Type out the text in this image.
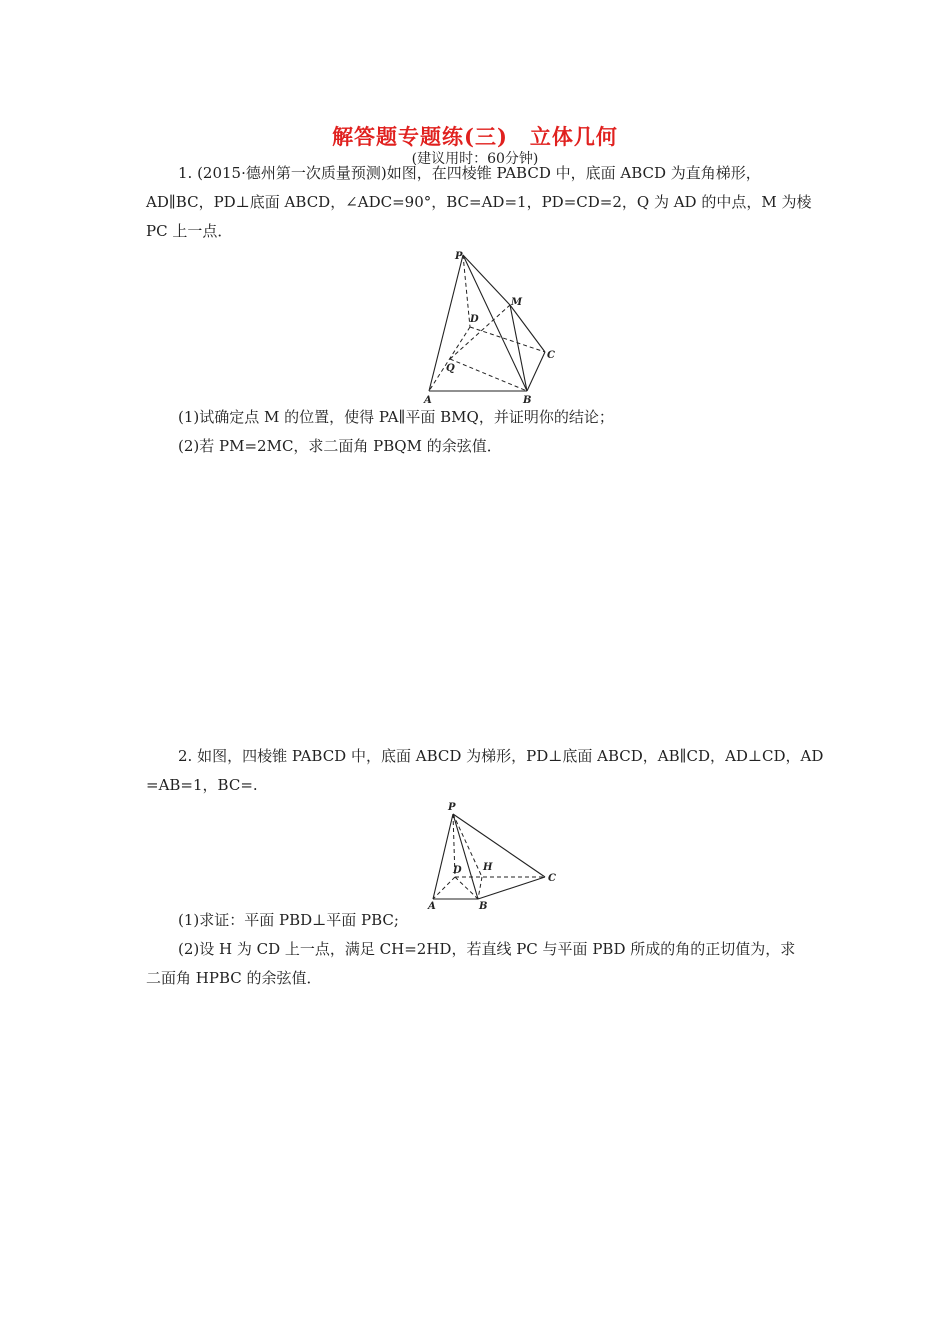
解答题专题练(三)　立体几何
(建议用时：60分钟)
1. (2015·德州第一次质量预测)如图，在四棱锥 PABCD 中，底面 ABCD 为直角梯形，
AD∥BC，PD⊥底面 ABCD，∠ADC=90°，BC=AD=1，PD=CD=2，Q 为 AD 的中点，M 为棱
PC 上一点．
P
M
D
C
Q
A	B
(1)试确定点 M 的位置，使得 PA∥平面 BMQ，并证明你的结论；
(2)若 PM=2MC，求二面角 PBQM 的余弦值．
2. 如图，四棱锥 PABCD 中，底面 ABCD 为梯形，PD⊥底面 ABCD，AB∥CD，AD⊥CD，AD
=AB=1，BC=.
P
D H
C
A	B
(1)求证：平面 PBD⊥平面 PBC;
(2)设 H 为 CD 上一点，满足 CH=2HD，若直线 PC 与平面 PBD 所成的角的正切值为，求
二面角 HPBC 的余弦值．
